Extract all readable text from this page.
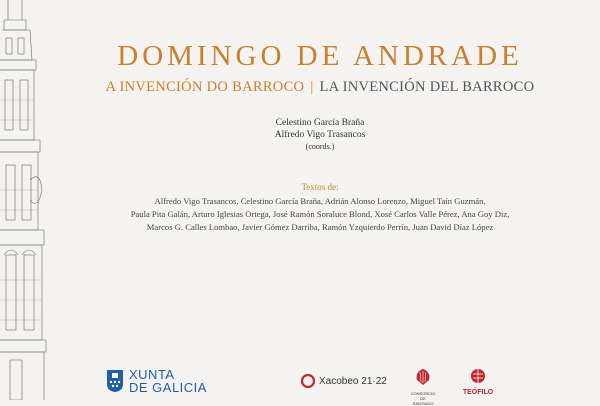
DOMINGO DE ANDRADE
A INVENCIÓN DO BARROCO | LA INVENCIÓN DEL BARROCO
Celestino García Braña
Alfredo Vigo Trasancos
(coords.)
Textos de:
Alfredo Vigo Trasancos, Celestino García Braña, Adrián Alonso Lorenzo, Miguel Taín Guzmán,
Paula Pita Galán, Arturo Iglesias Ortega, José Ramón Soraluce Blond, Xosé Carlos Valle Pérez, Ana Goy Diz,
Marcos G. Calles Lombao, Javier Gómez Darriba, Ramón Yzquierdo Perrín, Juan David Díaz López
XUNTA
DE GALICIA	Xacobeo 21·22
CONSORCIO DE
SANTIAGO
TEÓFILO
